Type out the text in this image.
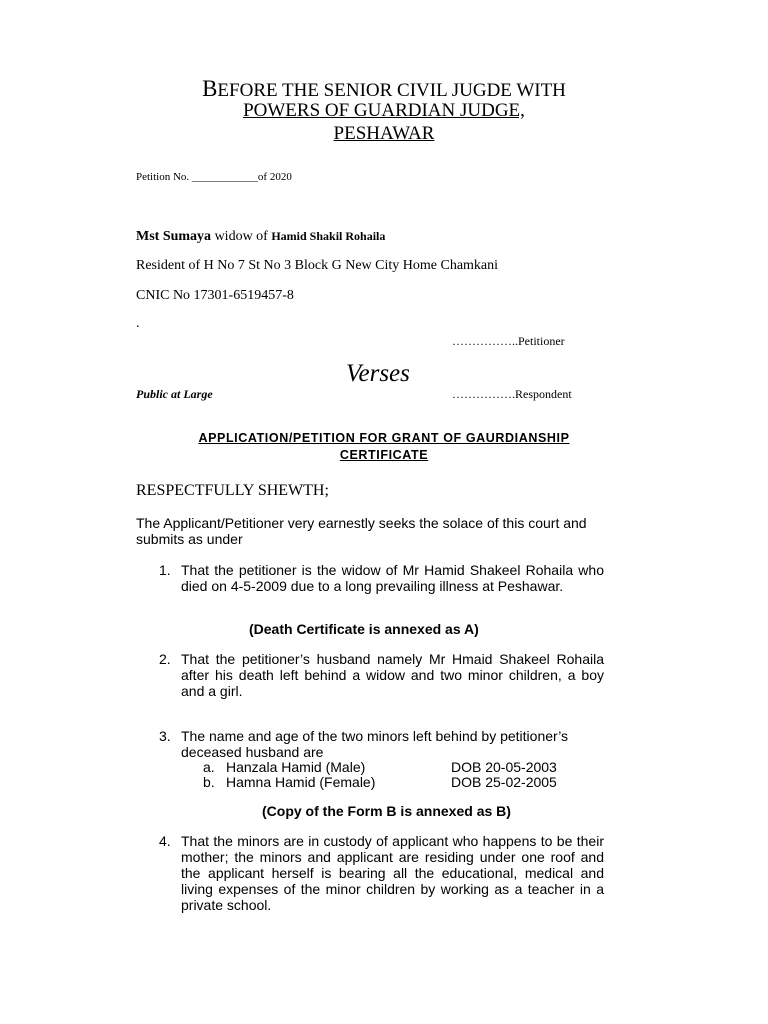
BEFORE THE SENIOR CIVIL JUGDE WITH
POWERS OF GUARDIAN JUDGE,
PESHAWAR
Petition No. ____________of 2020
Mst Sumaya widow of Hamid Shakil Rohaila
Resident of H No 7 St No 3 Block G New City Home Chamkani
CNIC No 17301-6519457-8
.
……………..Petitioner
Verses
Public at Large	…………….Respondent
APPLICATION/PETITION FOR GRANT OF GAURDIANSHIP
CERTIFICATE
RESPECTFULLY SHEWTH;
The Applicant/Petitioner very earnestly seeks the solace of this court and submits as under
1. That the petitioner is the widow of Mr Hamid Shakeel Rohaila who died on 4-5-2009 due to a long prevailing illness at Peshawar.
(Death Certificate is annexed as A)
2. That the petitioner’s husband namely Mr Hmaid Shakeel Rohaila after his death left behind a widow and two minor children, a boy and a girl.
3. The name and age of the two minors left behind by petitioner’s deceased husband are
a. Hanzala Hamid (Male)	DOB 20-05-2003
b. Hamna Hamid (Female)	DOB 25-02-2005
(Copy of the Form B is annexed as B)
4. That the minors are in custody of applicant who happens to be their mother; the minors and applicant are residing under one roof and the applicant herself is bearing all the educational, medical and living expenses of the minor children by working as a teacher in a private school.
